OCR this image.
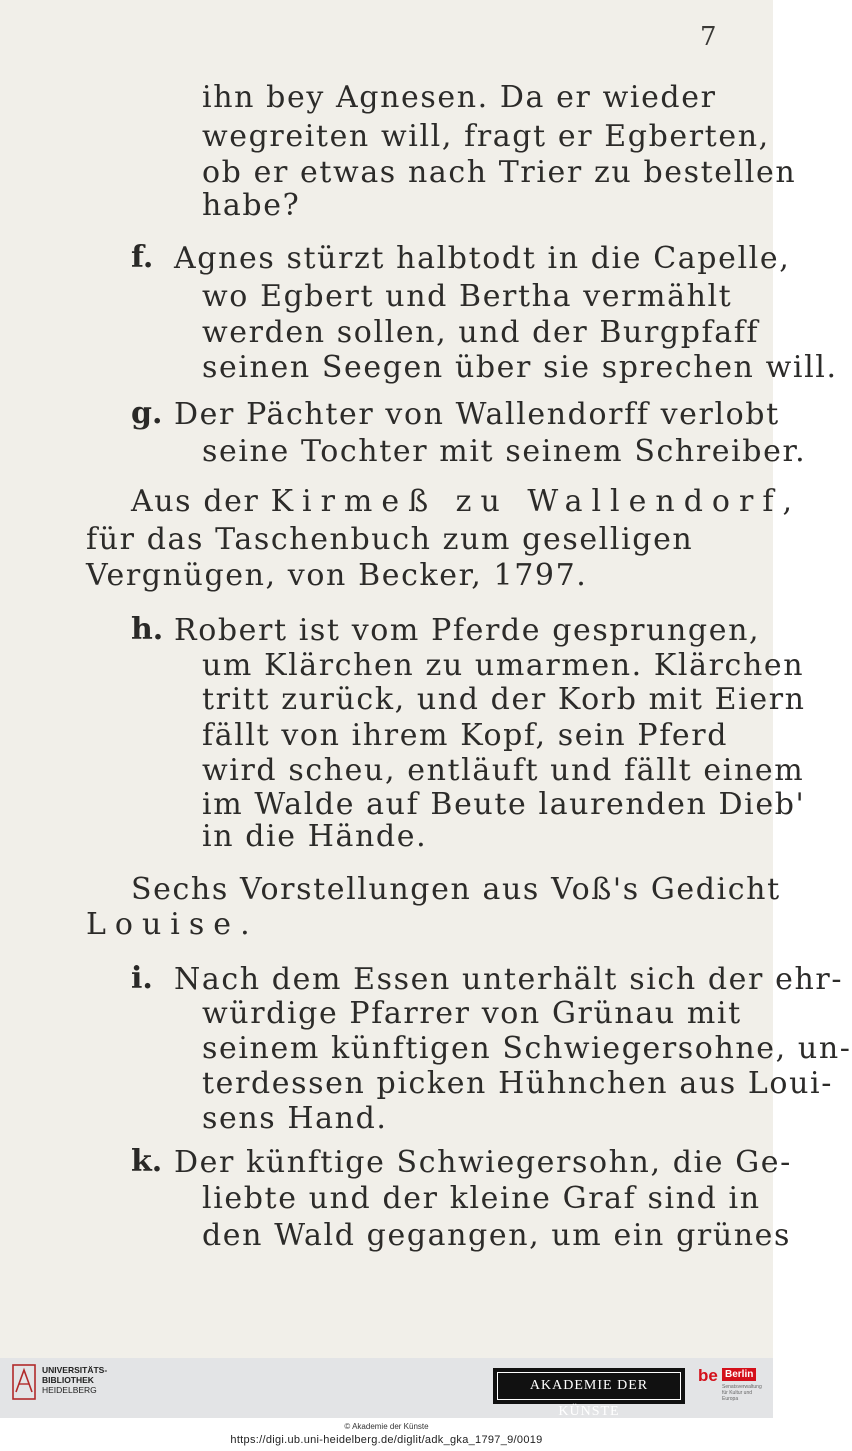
7
ihn bey Agnesen. Da er wieder
wegreiten will, fragt er Egberten,
ob er etwas nach Trier zu bestellen
habe?
f. Agnes stürzt halbtodt in die Capelle,
wo Egbert und Bertha vermählt
werden sollen, und der Burgpfaff
seinen Seegen über sie sprechen will.
g. Der Pächter von Wallendorff verlobt
seine Tochter mit seinem Schreiber.
Aus der Kirmeß zu Wallendorf,
für das Taschenbuch zum geselligen
Vergnügen, von Becker, 1797.
h. Robert ist vom Pferde gesprungen,
um Klärchen zu umarmen. Klärchen
tritt zurück, und der Korb mit Eiern
fällt von ihrem Kopf, sein Pferd
wird scheu, entläuft und fällt einem
im Walde auf Beute laurenden Dieb'
in die Hände.
Sechs Vorstellungen aus Voß's Gedicht
Louise.
i. Nach dem Essen unterhält sich der ehr-
würdige Pfarrer von Grünau mit
seinem künftigen Schwiegersohne, un-
terdessen picken Hühnchen aus Loui-
sens Hand.
k. Der künftige Schwiegersohn, die Ge-
liebte und der kleine Graf sind in
den Wald gegangen, um ein grünes
UNIVERSITÄTS-
BIBLIOTHEK
HEIDELBERG	AKADEMIE DER KÜNSTE
be Berlin
Senatsverwaltung für Kultur und Europa
© Akademie der Künste
https://digi.ub.uni-heidelberg.de/diglit/adk_gka_1797_9/0019
